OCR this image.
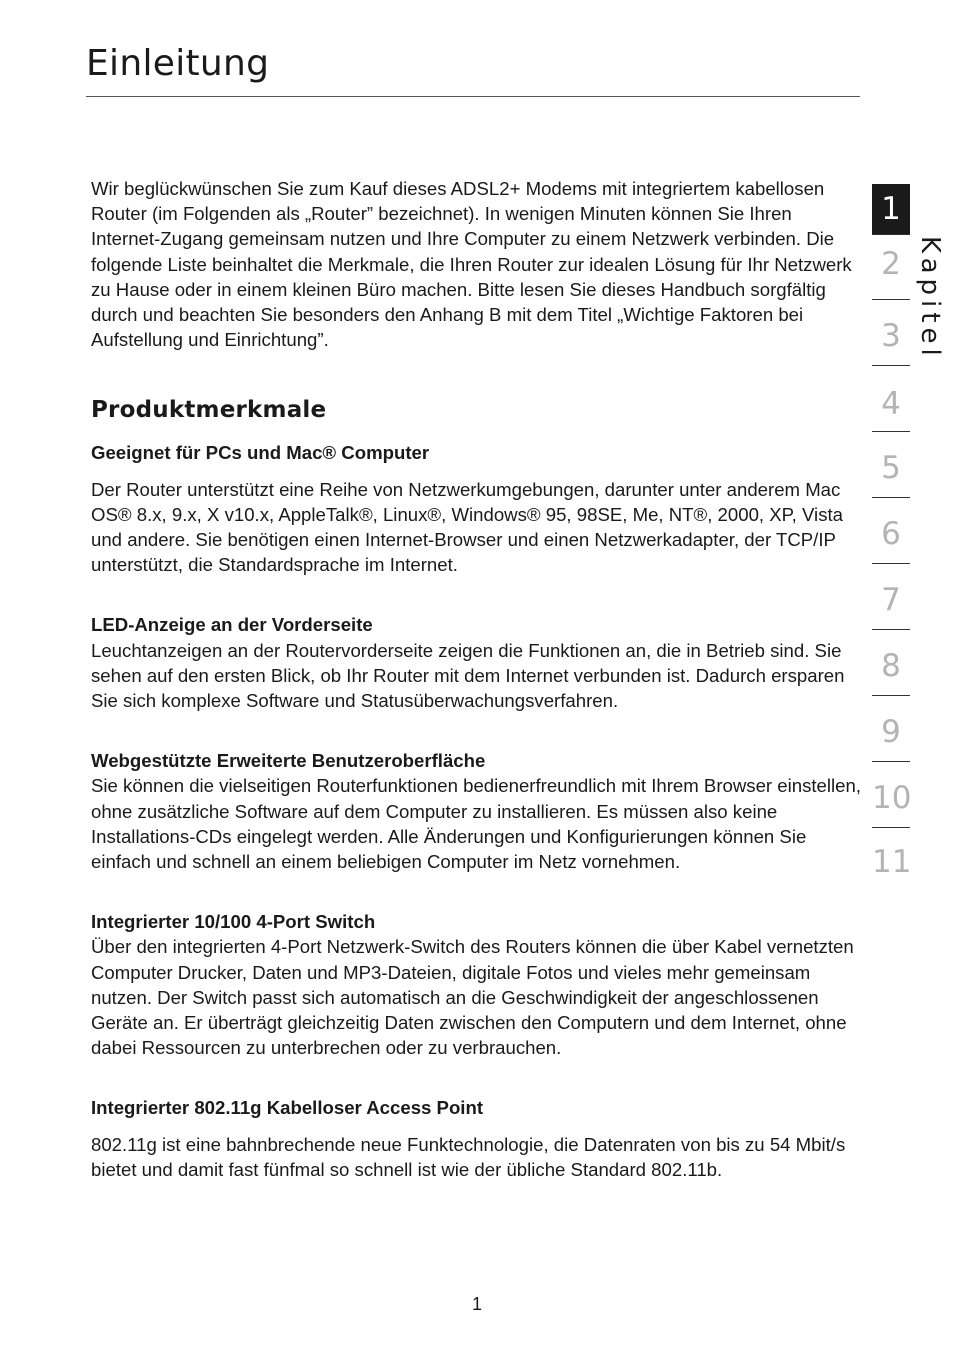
Einleitung

Wir beglückwünschen Sie zum Kauf dieses ADSL2+ Modems mit integriertem kabellosen Router (im Folgenden als „Router” bezeichnet). In wenigen Minuten können Sie Ihren Internet-Zugang gemeinsam nutzen und Ihre Computer zu einem Netzwerk verbinden. Die folgende Liste beinhaltet die Merkmale, die Ihren Router zur idealen Lösung für Ihr Netzwerk zu Hause oder in einem kleinen Büro machen. Bitte lesen Sie dieses Handbuch sorgfältig durch und beachten Sie besonders den Anhang B mit dem Titel „Wichtige Faktoren bei Aufstellung und Einrichtung”.

Produktmerkmale

Geeignet für PCs und Mac® Computer

Der Router unterstützt eine Reihe von Netzwerkumgebungen, darunter unter anderem Mac OS® 8.x, 9.x, X v10.x, AppleTalk®, Linux®, Windows® 95, 98SE, Me, NT®, 2000, XP, Vista und andere. Sie benötigen einen Internet-Browser und einen Netzwerkadapter, der TCP/IP unterstützt, die Standardsprache im Internet.

LED-Anzeige an der Vorderseite

Leuchtanzeigen an der Routervorderseite zeigen die Funktionen an, die in Betrieb sind. Sie sehen auf den ersten Blick, ob Ihr Router mit dem Internet verbunden ist. Dadurch ersparen Sie sich komplexe Software und Statusüberwachungsverfahren.

Webgestützte Erweiterte Benutzeroberfläche

Sie können die vielseitigen Routerfunktionen bedienerfreundlich mit Ihrem Browser einstellen, ohne zusätzliche Software auf dem Computer zu installieren. Es müssen also keine Installations-CDs eingelegt werden. Alle Änderungen und Konfigurierungen können Sie einfach und schnell an einem beliebigen Computer im Netz vornehmen.

Integrierter 10/100 4-Port Switch

Über den integrierten 4-Port Netzwerk-Switch des Routers können die über Kabel vernetzten Computer Drucker, Daten und MP3-Dateien, digitale Fotos und vieles mehr gemeinsam nutzen. Der Switch passt sich automatisch an die Geschwindigkeit der angeschlossenen Geräte an. Er überträgt gleichzeitig Daten zwischen den Computern und dem Internet, ohne dabei Ressourcen zu unterbrechen oder zu verbrauchen.

Integrierter 802.11g Kabelloser Access Point

802.11g ist eine bahnbrechende neue Funktechnologie, die Datenraten von bis zu 54 Mbit/s bietet und damit fast fünfmal so schnell ist wie der übliche Standard 802.11b.

1
1
2
3
4
5
6
7
8
9
10
11
Kapitel
